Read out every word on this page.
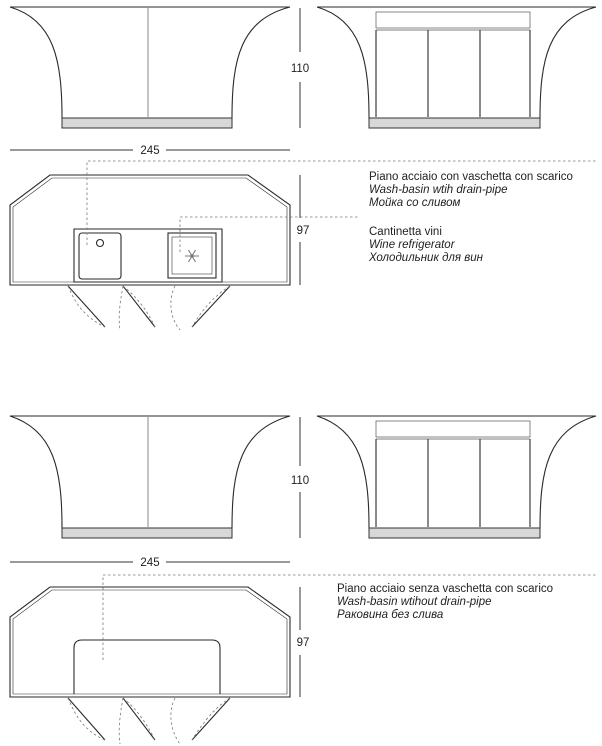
110
245
97
Piano acciaio con vaschetta con scarico
Wash-basin wtih drain-pipe
Мойка со сливом
Cantinetta vini
Wine refrigerator
Холодильник для вин
110
245
97
Piano acciaio senza vaschetta con scarico
Wash-basin wtihout drain-pipe
Раковина без слива
